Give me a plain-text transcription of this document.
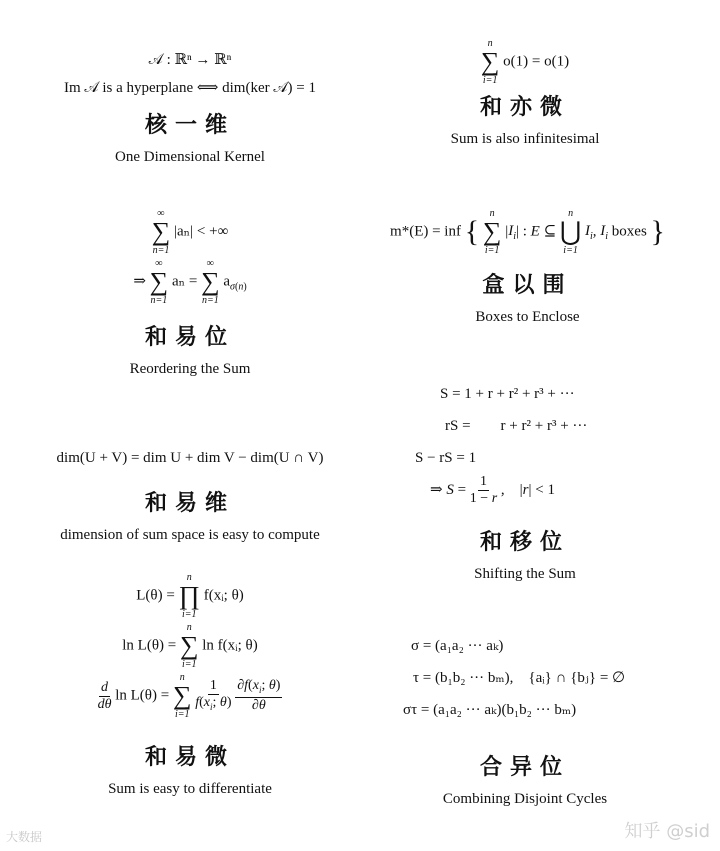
𝒜 : ℝⁿ → ℝⁿ
Im 𝒜 is a hyperplane ⟺ dim(ker 𝒜) = 1
核一维
One Dimensional Kernel
n
∑
i=1
o(1) = o(1)
和亦微
Sum is also infinitesimal
∞
∑
n=1
|aₙ| < +∞
⇒
∞
∑
n=1
aₙ =
∞
∑
n=1
$a_{\sigma(n)}$
和易位
Reordering the Sum
m*(E) = inf {
n
∑
i=1
$|I_i|$ : E ⊆
n
⋃
i=1
$I_i$, $I_i$ boxes }
盒以围
Boxes to Enclose
S = 1 + r + r² + r³ + ···
rS =        r + r² + r³ + ···
S − rS = 1
⇒ $S = \frac{1}{1 - r}$ ,    |r| < 1
和移位
Shifting the Sum
dim(U + V) = dim U + dim V − dim(U ∩ V)
和易维
dimension of sum space is easy to compute
L(θ) =
n
∏
i=1
f(xᵢ; θ)
ln L(θ) =
n
∑
i=1
ln f(xᵢ; θ)
$\frac{d}{d\theta}$ ln L(θ) =
n
∑
i=1

$\frac{1}{f(x_i; \theta)}$
$\frac{\partial f(x_i; \theta)}{\partial\theta}$
和易微
Sum is easy to differentiate
σ = (a₁a₂ ··· aₖ)
τ = (b₁b₂ ··· bₘ),    {aᵢ} ∩ {bⱼ} = ∅
στ = (a₁a₂ ··· aₖ)(b₁b₂ ··· bₘ)
合异位
Combining Disjoint Cycles
大数据	知乎 @sid
